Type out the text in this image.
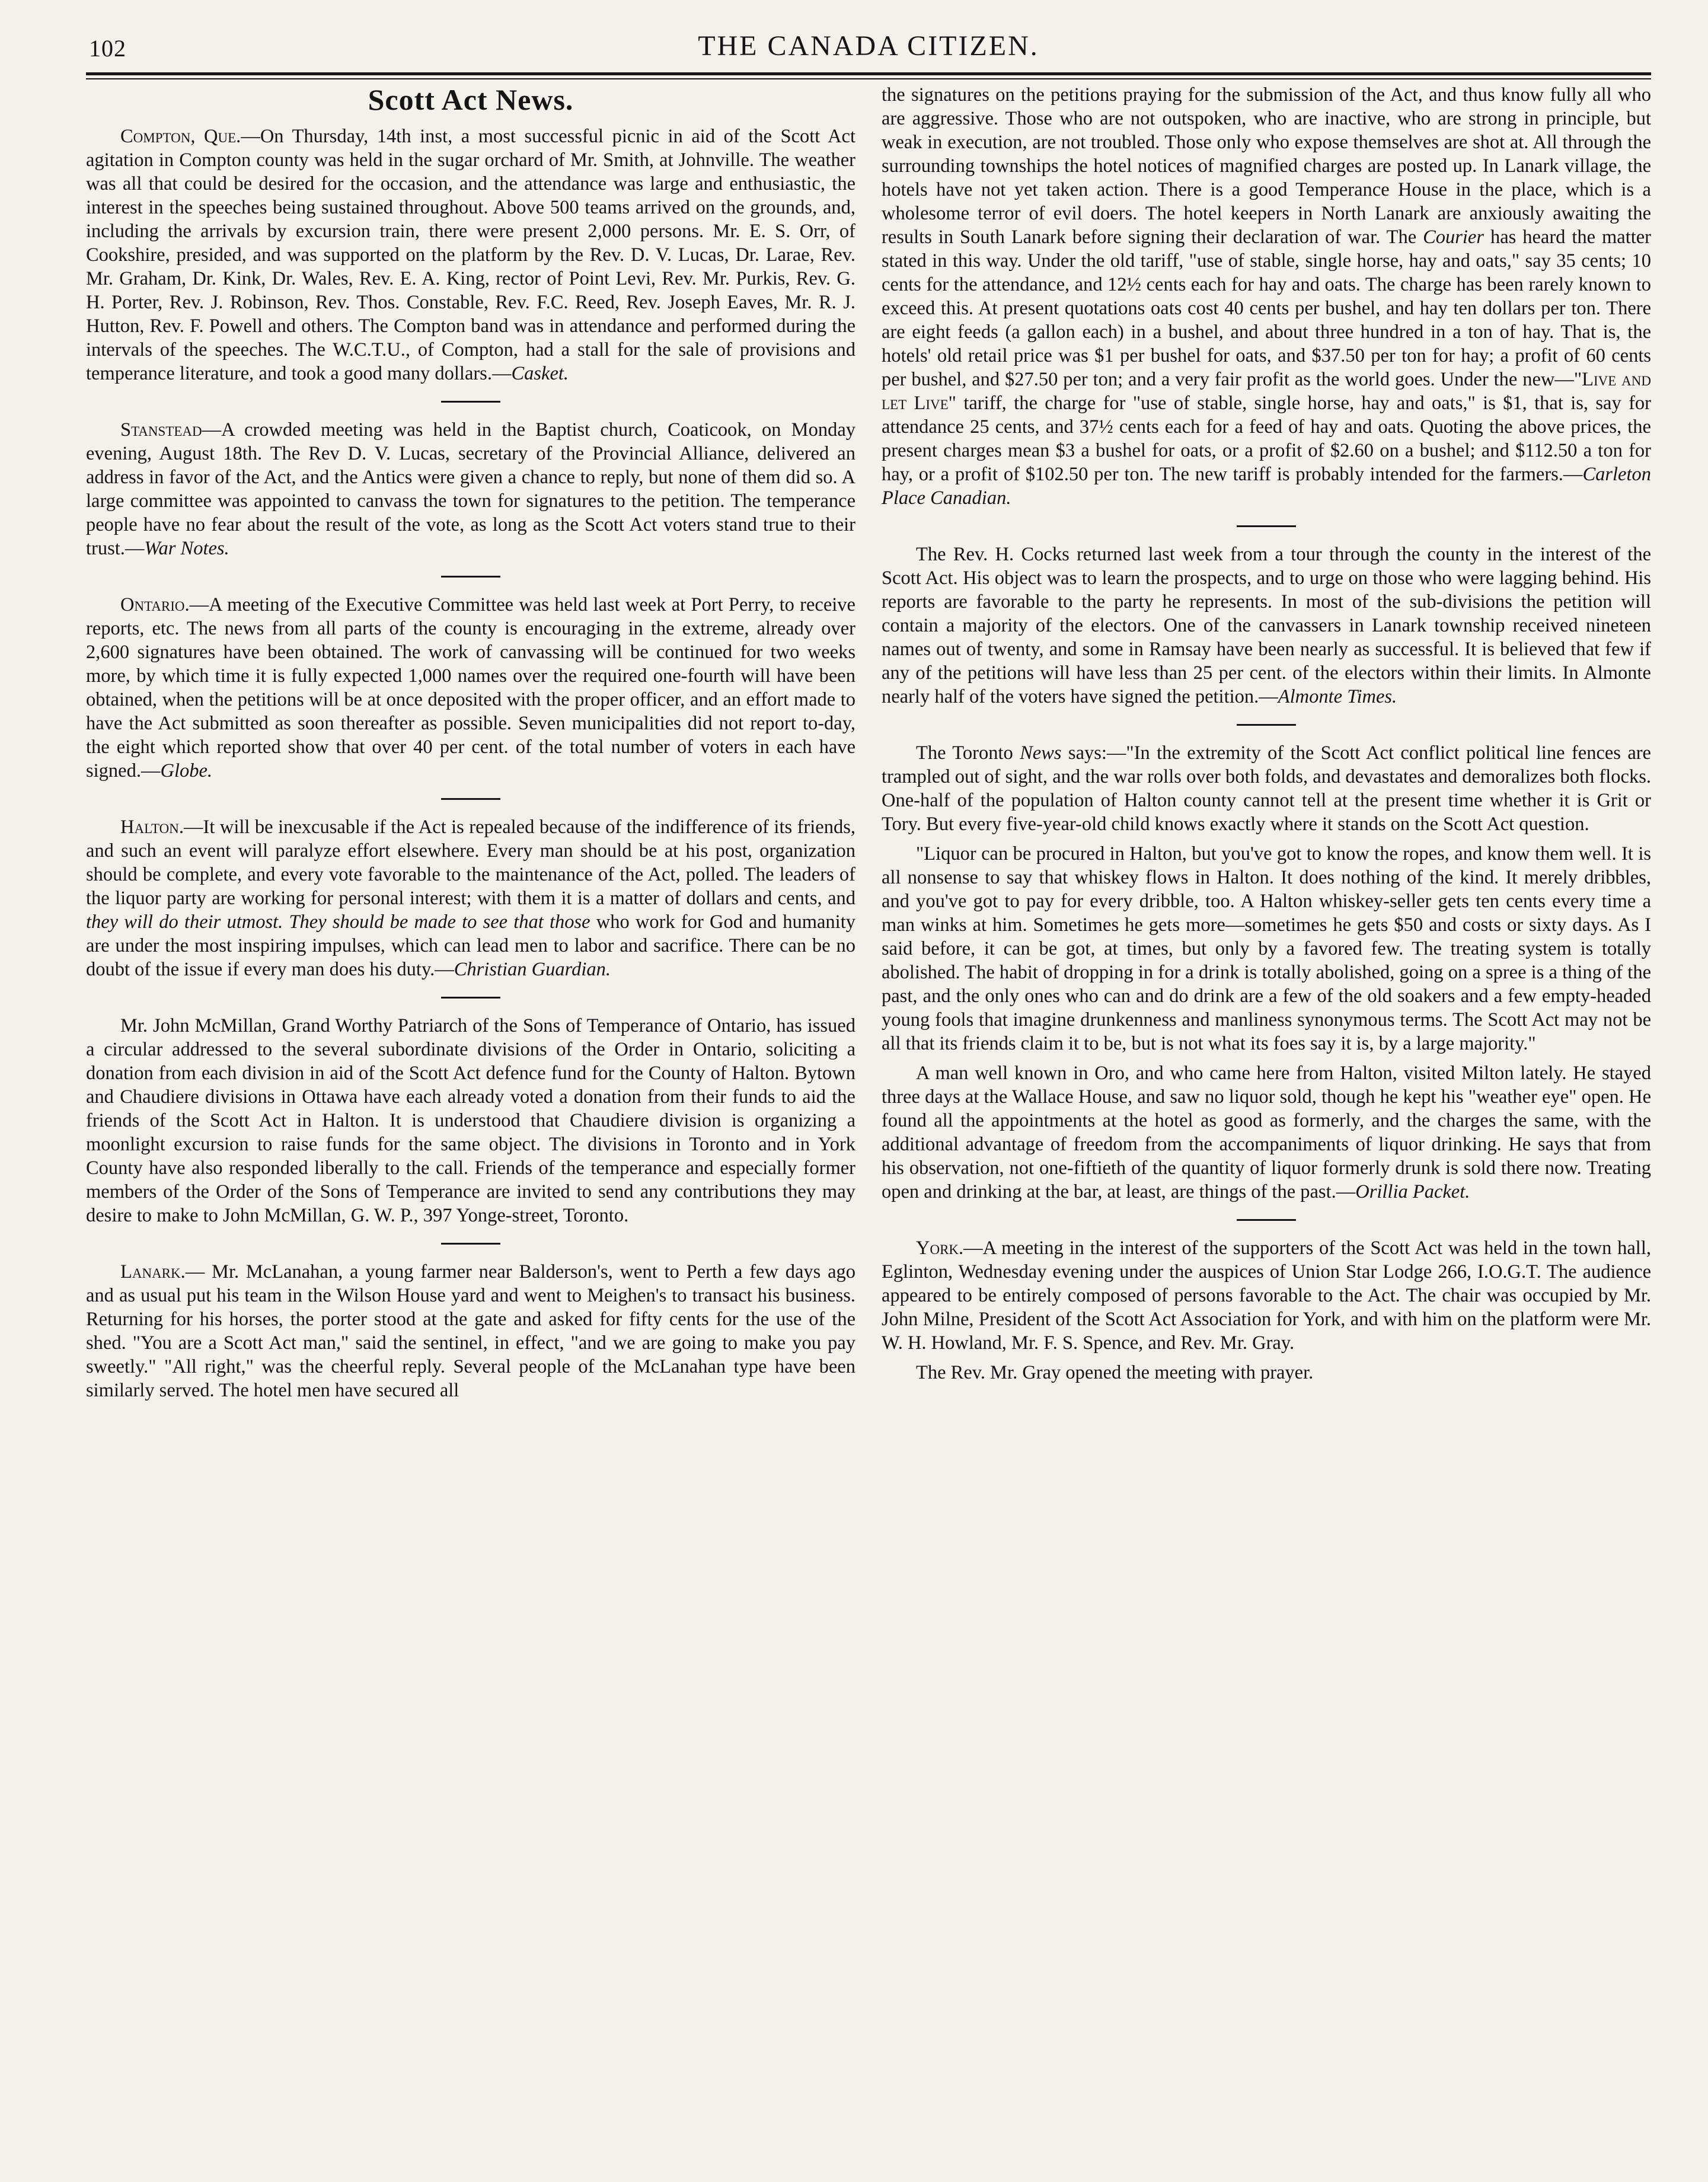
102	THE CANADA CITIZEN.
Scott Act News.

Compton, Que.—On Thursday, 14th inst, a most successful picnic in aid of the Scott Act agitation in Compton county was held in the sugar orchard of Mr. Smith, at Johnville. The weather was all that could be desired for the occasion, and the attendance was large and enthusiastic, the interest in the speeches being sustained throughout. Above 500 teams arrived on the grounds, and, including the arrivals by excursion train, there were present 2,000 persons. Mr. E. S. Orr, of Cookshire, presided, and was supported on the platform by the Rev. D. V. Lucas, Dr. Larae, Rev. Mr. Graham, Dr. Kink, Dr. Wales, Rev. E. A. King, rector of Point Levi, Rev. Mr. Purkis, Rev. G. H. Porter, Rev. J. Robinson, Rev. Thos. Constable, Rev. F.C. Reed, Rev. Joseph Eaves, Mr. R. J. Hutton, Rev. F. Powell and others. The Compton band was in attendance and performed during the intervals of the speeches. The W.C.T.U., of Compton, had a stall for the sale of provisions and temperance literature, and took a good many dollars.—Casket.

Stanstead—A crowded meeting was held in the Baptist church, Coaticook, on Monday evening, August 18th. The Rev D. V. Lucas, secretary of the Provincial Alliance, delivered an address in favor of the Act, and the Antics were given a chance to reply, but none of them did so. A large committee was appointed to canvass the town for signatures to the petition. The temperance people have no fear about the result of the vote, as long as the Scott Act voters stand true to their trust.—War Notes.

Ontario.—A meeting of the Executive Committee was held last week at Port Perry, to receive reports, etc. The news from all parts of the county is encouraging in the extreme, already over 2,600 signatures have been obtained. The work of canvassing will be continued for two weeks more, by which time it is fully expected 1,000 names over the required one-fourth will have been obtained, when the petitions will be at once deposited with the proper officer, and an effort made to have the Act submitted as soon thereafter as possible. Seven municipalities did not report to-day, the eight which reported show that over 40 per cent. of the total number of voters in each have signed.—Globe.

Halton.—It will be inexcusable if the Act is repealed because of the indifference of its friends, and such an event will paralyze effort elsewhere. Every man should be at his post, organization should be complete, and every vote favorable to the maintenance of the Act, polled. The leaders of the liquor party are working for personal interest; with them it is a matter of dollars and cents, and they will do their utmost. They should be made to see that those who work for God and humanity are under the most inspiring impulses, which can lead men to labor and sacrifice. There can be no doubt of the issue if every man does his duty.—Christian Guardian.

Mr. John McMillan, Grand Worthy Patriarch of the Sons of Temperance of Ontario, has issued a circular addressed to the several subordinate divisions of the Order in Ontario, soliciting a donation from each division in aid of the Scott Act defence fund for the County of Halton. Bytown and Chaudiere divisions in Ottawa have each already voted a donation from their funds to aid the friends of the Scott Act in Halton. It is understood that Chaudiere division is organizing a moonlight excursion to raise funds for the same object. The divisions in Toronto and in York County have also responded liberally to the call. Friends of the temperance and especially former members of the Order of the Sons of Temperance are invited to send any contributions they may desire to make to John McMillan, G. W. P., 397 Yonge-street, Toronto.

Lanark.— Mr. McLanahan, a young farmer near Balderson's, went to Perth a few days ago and as usual put his team in the Wilson House yard and went to Meighen's to transact his business. Returning for his horses, the porter stood at the gate and asked for fifty cents for the use of the shed. "You are a Scott Act man," said the sentinel, in effect, "and we are going to make you pay sweetly." "All right," was the cheerful reply. Several people of the McLanahan type have been similarly served. The hotel men have secured all

the signatures on the petitions praying for the submission of the Act, and thus know fully all who are aggressive. Those who are not outspoken, who are inactive, who are strong in principle, but weak in execution, are not troubled. Those only who expose themselves are shot at. All through the surrounding townships the hotel notices of magnified charges are posted up. In Lanark village, the hotels have not yet taken action. There is a good Temperance House in the place, which is a wholesome terror of evil doers. The hotel keepers in North Lanark are anxiously awaiting the results in South Lanark before signing their declaration of war. The Courier has heard the matter stated in this way. Under the old tariff, "use of stable, single horse, hay and oats," say 35 cents; 10 cents for the attendance, and 12½ cents each for hay and oats. The charge has been rarely known to exceed this. At present quotations oats cost 40 cents per bushel, and hay ten dollars per ton. There are eight feeds (a gallon each) in a bushel, and about three hundred in a ton of hay. That is, the hotels' old retail price was $1 per bushel for oats, and $37.50 per ton for hay; a profit of 60 cents per bushel, and $27.50 per ton; and a very fair profit as the world goes. Under the new—"Live and let Live" tariff, the charge for "use of stable, single horse, hay and oats," is $1, that is, say for attendance 25 cents, and 37½ cents each for a feed of hay and oats. Quoting the above prices, the present charges mean $3 a bushel for oats, or a profit of $2.60 on a bushel; and $112.50 a ton for hay, or a profit of $102.50 per ton. The new tariff is probably intended for the farmers.—Carleton Place Canadian.

The Rev. H. Cocks returned last week from a tour through the county in the interest of the Scott Act. His object was to learn the prospects, and to urge on those who were lagging behind. His reports are favorable to the party he represents. In most of the sub-divisions the petition will contain a majority of the electors. One of the canvassers in Lanark township received nineteen names out of twenty, and some in Ramsay have been nearly as successful. It is believed that few if any of the petitions will have less than 25 per cent. of the electors within their limits. In Almonte nearly half of the voters have signed the petition.—Almonte Times.

The Toronto News says:—"In the extremity of the Scott Act conflict political line fences are trampled out of sight, and the war rolls over both folds, and devastates and demoralizes both flocks. One-half of the population of Halton county cannot tell at the present time whether it is Grit or Tory. But every five-year-old child knows exactly where it stands on the Scott Act question.

"Liquor can be procured in Halton, but you've got to know the ropes, and know them well. It is all nonsense to say that whiskey flows in Halton. It does nothing of the kind. It merely dribbles, and you've got to pay for every dribble, too. A Halton whiskey-seller gets ten cents every time a man winks at him. Sometimes he gets more—sometimes he gets $50 and costs or sixty days. As I said before, it can be got, at times, but only by a favored few. The treating system is totally abolished. The habit of dropping in for a drink is totally abolished, going on a spree is a thing of the past, and the only ones who can and do drink are a few of the old soakers and a few empty-headed young fools that imagine drunkenness and manliness synonymous terms. The Scott Act may not be all that its friends claim it to be, but is not what its foes say it is, by a large majority."

A man well known in Oro, and who came here from Halton, visited Milton lately. He stayed three days at the Wallace House, and saw no liquor sold, though he kept his "weather eye" open. He found all the appointments at the hotel as good as formerly, and the charges the same, with the additional advantage of freedom from the accompaniments of liquor drinking. He says that from his observation, not one-fiftieth of the quantity of liquor formerly drunk is sold there now. Treating open and drinking at the bar, at least, are things of the past.—Orillia Packet.

York.—A meeting in the interest of the supporters of the Scott Act was held in the town hall, Eglinton, Wednesday evening under the auspices of Union Star Lodge 266, I.O.G.T. The audience appeared to be entirely composed of persons favorable to the Act. The chair was occupied by Mr. John Milne, President of the Scott Act Association for York, and with him on the platform were Mr. W. H. Howland, Mr. F. S. Spence, and Rev. Mr. Gray.

The Rev. Mr. Gray opened the meeting with prayer.
